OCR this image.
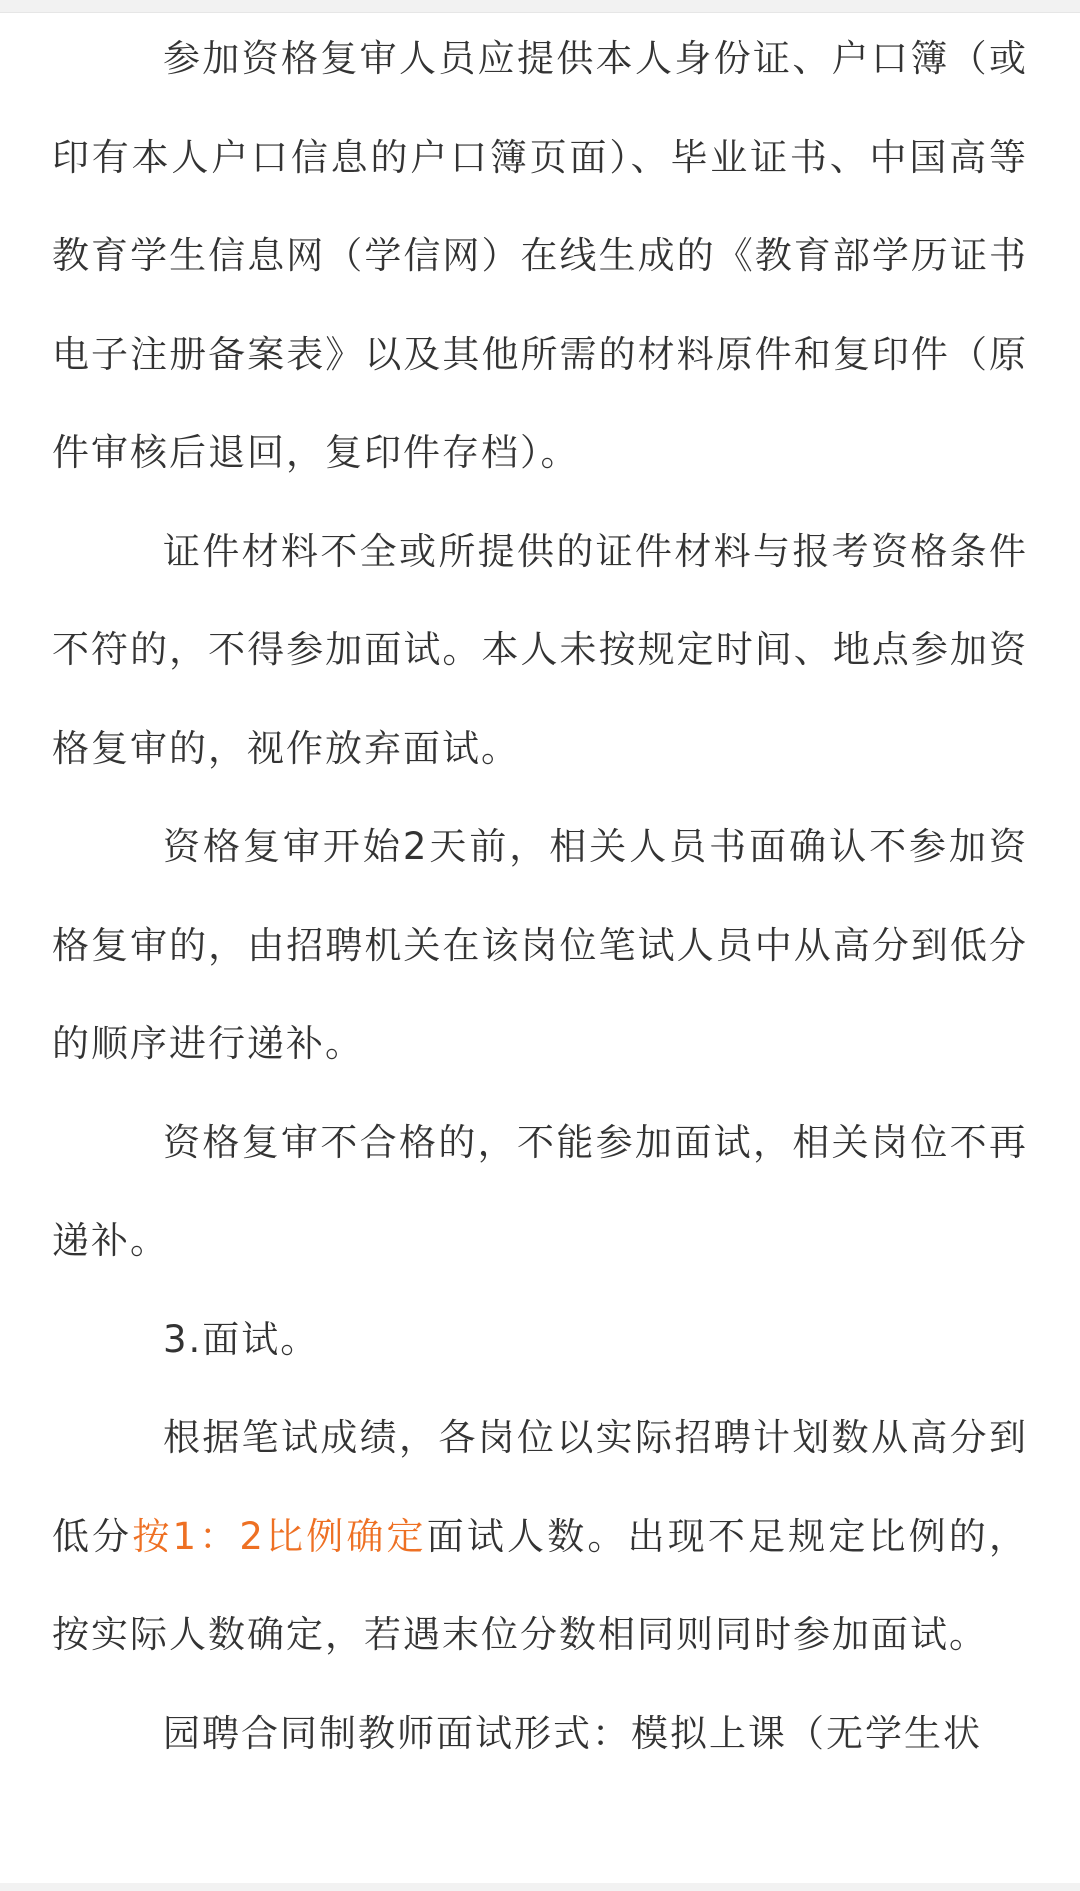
参加资格复审人员应提供本人身份证、户口簿（或印有本人户口信息的户口簿页面）、毕业证书、中国高等教育学生信息网（学信网）在线生成的《教育部学历证书电子注册备案表》以及其他所需的材料原件和复印件（原件审核后退回，复印件存档）。

证件材料不全或所提供的证件材料与报考资格条件不符的，不得参加面试。本人未按规定时间、地点参加资格复审的，视作放弃面试。

资格复审开始2天前，相关人员书面确认不参加资格复审的，由招聘机关在该岗位笔试人员中从高分到低分的顺序进行递补。

资格复审不合格的，不能参加面试，相关岗位不再递补。

3.面试。

根据笔试成绩，各岗位以实际招聘计划数从高分到低分按1：2比例确定面试人数。出现不足规定比例的，按实际人数确定，若遇末位分数相同则同时参加面试。

园聘合同制教师面试形式：模拟上课（无学生状
